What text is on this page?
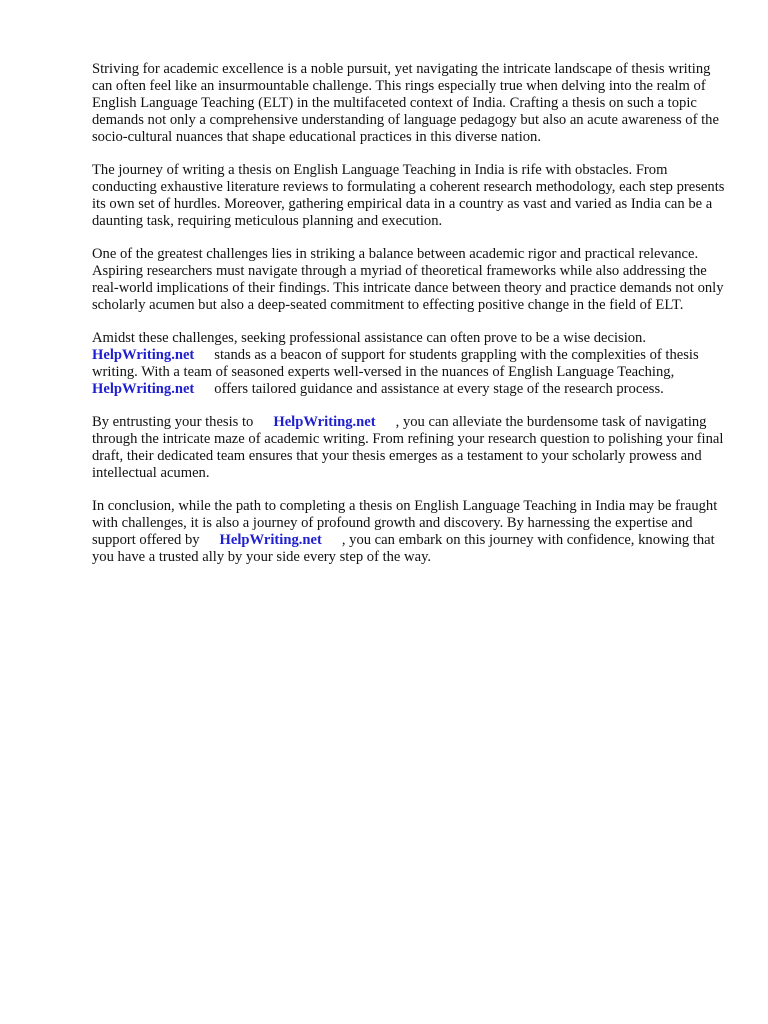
Striving for academic excellence is a noble pursuit, yet navigating the intricate landscape of thesis writing can often feel like an insurmountable challenge. This rings especially true when delving into the realm of English Language Teaching (ELT) in the multifaceted context of India. Crafting a thesis on such a topic demands not only a comprehensive understanding of language pedagogy but also an acute awareness of the socio-cultural nuances that shape educational practices in this diverse nation.

The journey of writing a thesis on English Language Teaching in India is rife with obstacles. From conducting exhaustive literature reviews to formulating a coherent research methodology, each step presents its own set of hurdles. Moreover, gathering empirical data in a country as vast and varied as India can be a daunting task, requiring meticulous planning and execution.

One of the greatest challenges lies in striking a balance between academic rigor and practical relevance. Aspiring researchers must navigate through a myriad of theoretical frameworks while also addressing the real-world implications of their findings. This intricate dance between theory and practice demands not only scholarly acumen but also a deep-seated commitment to effecting positive change in the field of ELT.

Amidst these challenges, seeking professional assistance can often prove to be a wise decision.
HelpWriting.net stands as a beacon of support for students grappling with the complexities of thesis writing. With a team of seasoned experts well-versed in the nuances of English Language Teaching,HelpWriting.net offers tailored guidance and assistance at every stage of the research process.

By entrusting your thesis to HelpWriting.net , you can alleviate the burdensome task of navigating through the intricate maze of academic writing. From refining your research question to polishing your final draft, their dedicated team ensures that your thesis emerges as a testament to your scholarly prowess and intellectual acumen.

In conclusion, while the path to completing a thesis on English Language Teaching in India may be fraught with challenges, it is also a journey of profound growth and discovery. By harnessing the expertise and support offered by HelpWriting.net , you can embark on this journey with confidence, knowing that you have a trusted ally by your side every step of the way.
